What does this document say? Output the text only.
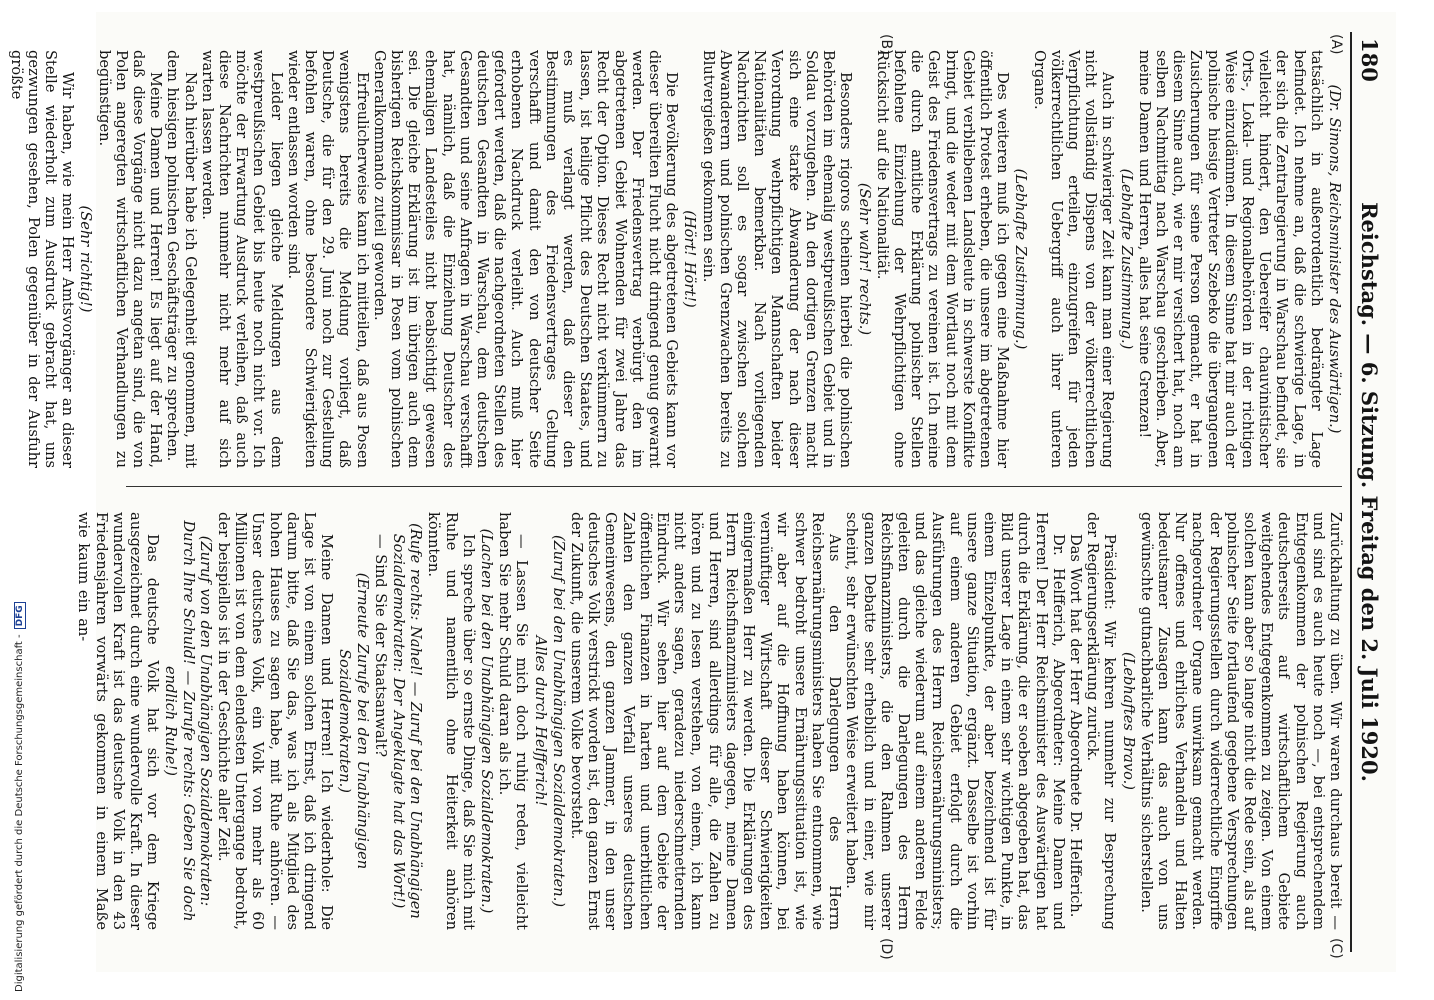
180
Reichstag. — 6. Sitzung. Freitag den 2. Juli 1920.
(A)
(B)
(C)
(D)

(Dr. Simons, Reichsminister des Auswärtigen.)

tatsächlich in außerordentlich bedrängter Lage befindet. Ich nehme an, daß die schwierige Lage, in der sich die Zentralregierung in Warschau befindet, sie vielleicht hindert, den Uebereifer chauvinistischer Orts-, Lokal- und Regionalbehörden in der richtigen Weise einzudämmen. In diesem Sinne hat mir auch der polnische hiesige Vertreter Szebeko die übergangenen Zusicherungen für seine Person gemacht, er hat in diesem Sinne auch, wie er mir versichert hat, noch am selben Nachmittag nach Warschau geschrieben. Aber, meine Damen und Herren, alles hat seine Grenzen!

(Lebhafte Zustimmung.)

Auch in schwieriger Zeit kann man einer Regierung nicht vollständig Dispens von der völkerrechtlichen Verpflichtung erteilen, einzugreifen für jeden völkerrechtlichen Uebergriff auch ihrer unteren Organe.

(Lebhafte Zustimmung.)

Des weiteren muß ich gegen eine Maßnahme hier öffentlich Protest erheben, die unsere im abgetretenen Gebiet verbliebenen Landsleute in schwerste Konflikte bringt, und die weder mit dem Wortlaut noch mit dem Geist des Friedensvertrags zu vereinen ist. Ich meine die durch amtliche Erklärung polnischer Stellen befohlene Einziehung der Wehrpflichtigen ohne Rücksicht auf die Nationalität.

(Sehr wahr! rechts.)

Besonders rigoros scheinen hierbei die polnischen Behörden im ehemalig westpreußischen Gebiet und in Soldau vorzugehen. An den dortigen Grenzen macht sich eine starke Abwanderung der nach dieser Verordnung wehrpflichtigen Mannschaften beider Nationalitäten bemerkbar. Nach vorliegenden Nachrichten soll es sogar zwischen solchen Abwanderern und polnischen Grenzwachen bereits zu Blutvergießen gekommen sein.

(Hört! Hört!)

Die Bevölkerung des abgetretenen Gebiets kann vor dieser übereilten Flucht nicht dringend genug gewarnt werden. Der Friedensvertrag verbürgt den im abgetretenen Gebiet Wohnenden für zwei Jahre das Recht der Option. Dieses Recht nicht verkümmern zu lassen, ist heilige Pflicht des Deutschen Staates, und es muß verlangt werden, daß dieser den Bestimmungen des Friedensvertrages Geltung verschafft und damit den von deutscher Seite erhobenen Nachdruck verleiht. Auch muß hier gefordert werden, daß die nachgeordneten Stellen des deutschen Gesandten in Warschau, dem deutschen Gesandten und seine Anfragen in Warschau verschafft hat, nämlich, daß die Einziehung Deutscher des ehemaligen Landesteiles nicht beabsichtigt gewesen sei. Die gleiche Erklärung ist im übrigen auch dem bisherigen Reichskommissar in Posen vom polnischen Generalkommando zuteil geworden.

Erfreulicherweise kann ich mitteilen, daß aus Posen wenigstens bereits die Meldung vorliegt, daß Deutsche, die für den 29. Juni noch zur Gestellung befohlen waren, ohne besondere Schwierigkeiten wieder entlassen worden sind.

Leider liegen gleiche Meldungen aus dem westpreußischen Gebiet bis heute noch nicht vor. Ich möchte der Erwartung Ausdruck verleihen, daß auch diese Nachrichten nunmehr nicht mehr auf sich warten lassen werden.

Nach hierüber habe ich Gelegenheit genommen, mit dem hiesigen polnischen Geschäftsträger zu sprechen.

Meine Damen und Herren! Es liegt auf der Hand, daß diese Vorgänge nicht dazu angetan sind, die von Polen angeregten wirtschaftlichen Verhandlungen zu begünstigen.

(Sehr richtig!)

Wir haben, wie mein Herr Amtsvorgänger an dieser Stelle wiederholt zum Ausdruck gebracht hat, uns gezwungen gesehen, Polen gegenüber in der Ausfuhr größte

Zurückhaltung zu üben. Wir waren durchaus bereit — und sind es auch heute noch —, bei entsprechendem Entgegenkommen der polnischen Regierung auch deutscherseits auf wirtschaftlichem Gebiete weitgehendes Entgegenkommen zu zeigen. Von einem solchen kann aber so lange nicht die Rede sein, als auf polnischer Seite fortlaufend gegebene Versprechungen der Regierungsstellen durch widerrechtliche Eingriffe nachgeordneter Organe unwirksam gemacht werden. Nur offenes und ehrliches Verhandeln und Halten bedeutsamer Zusagen kann das auch von uns gewünschte gutnachbarliche Verhältnis sicherstellen.

(Lebhaftes Bravo.)

Präsident: Wir kehren nunmehr zur Besprechung der Regierungserklärung zurück.

Das Wort hat der Herr Abgeordnete Dr. Helfferich.

Dr. Helfferich, Abgeordneter: Meine Damen und Herren! Der Herr Reichsminister des Auswärtigen hat durch die Erklärung, die er soeben abgegeben hat, das Bild unserer Lage in einem sehr wichtigen Punkte, in einem Einzelpunkte, der aber bezeichnend ist für unsere ganze Situation, ergänzt. Dasselbe ist vorhin auf einem anderen Gebiet erfolgt durch die Ausführungen des Herrn Reichsernährungsministers; und das gleiche wiederum auf einem anderen Felde geleiten durch die Darlegungen des Herrn Reichsfinanzministers, die den Rahmen unserer ganzen Debatte sehr erheblich und in einer, wie mir scheint, sehr erwünschten Weise erweitert haben.

Aus den Darlegungen des Herrn Reichsernährungsministers haben Sie entnommen, wie schwer bedroht unsere Ernährungssituation ist, wie wir aber auf die Hoffnung haben können, bei vernünftiger Wirtschaft dieser Schwierigkeiten einigermaßen Herr zu werden. Die Erklärungen des Herrn Reichsfinanzministers dagegen, meine Damen und Herren, sind allerdings für alle, die Zahlen zu hören und zu lesen verstehen, von einem, ich kann nicht anders sagen, geradezu niederschmetternden Eindruck. Wir sehen hier auf dem Gebiete der öffentlichen Finanzen in harten und unerbittlichen Zahlen den ganzen Verfall unseres deutschen Gemeinwesens, den ganzen Jammer, in den unser deutsches Volk verstrickt worden ist, den ganzen Ernst der Zukunft, die unserem Volke bevorsteht.

(Zuruf bei den Unabhängigen Sozialdemokraten.)

Alles durch Helfferich!

— Lassen Sie mich doch ruhig reden, vielleicht haben Sie mehr Schuld daran als ich.

(Lachen bei den Unabhängigen Sozialdemokraten.)

Ich spreche über so ernste Dinge, daß Sie mich mit Ruhe und namentlich ohne Heiterkeit anhören könnten.

(Rufe rechts: Nahel! — Zuruf bei den Unabhängigen Sozialdemokraten: Der Angeklagte hat das Wort!)

— Sind Sie der Staatsanwalt?

(Erneute Zurufe bei den Unabhängigen Sozialdemokraten.)

Meine Damen und Herren! Ich wiederhole: Die Lage ist von einem solchen Ernst, daß ich dringend darum bitte, daß Sie das, was ich als Mitglied des hohen Hauses zu sagen habe, mit Ruhe anhören. — Unser deutsches Volk, ein Volk von mehr als 60 Millionen ist von dem elendesten Untergange bedroht, der beispiellos ist in der Geschichte aller Zeit.

(Zuruf von den Unabhängigen Sozialdemokraten: Durch Ihre Schuld! — Zurufe rechts: Geben Sie doch endlich Ruhe!)

Das deutsche Volk hat sich vor dem Kriege ausgezeichnet durch eine wundervolle Kraft. In dieser wundervollen Kraft ist das deutsche Volk in den 43 Friedensjahren vorwärts gekommen in einem Maße wie kaum ein an-

Digitalisierung gefördert durch die Deutsche Forschungsgemeinschaft -DFG
